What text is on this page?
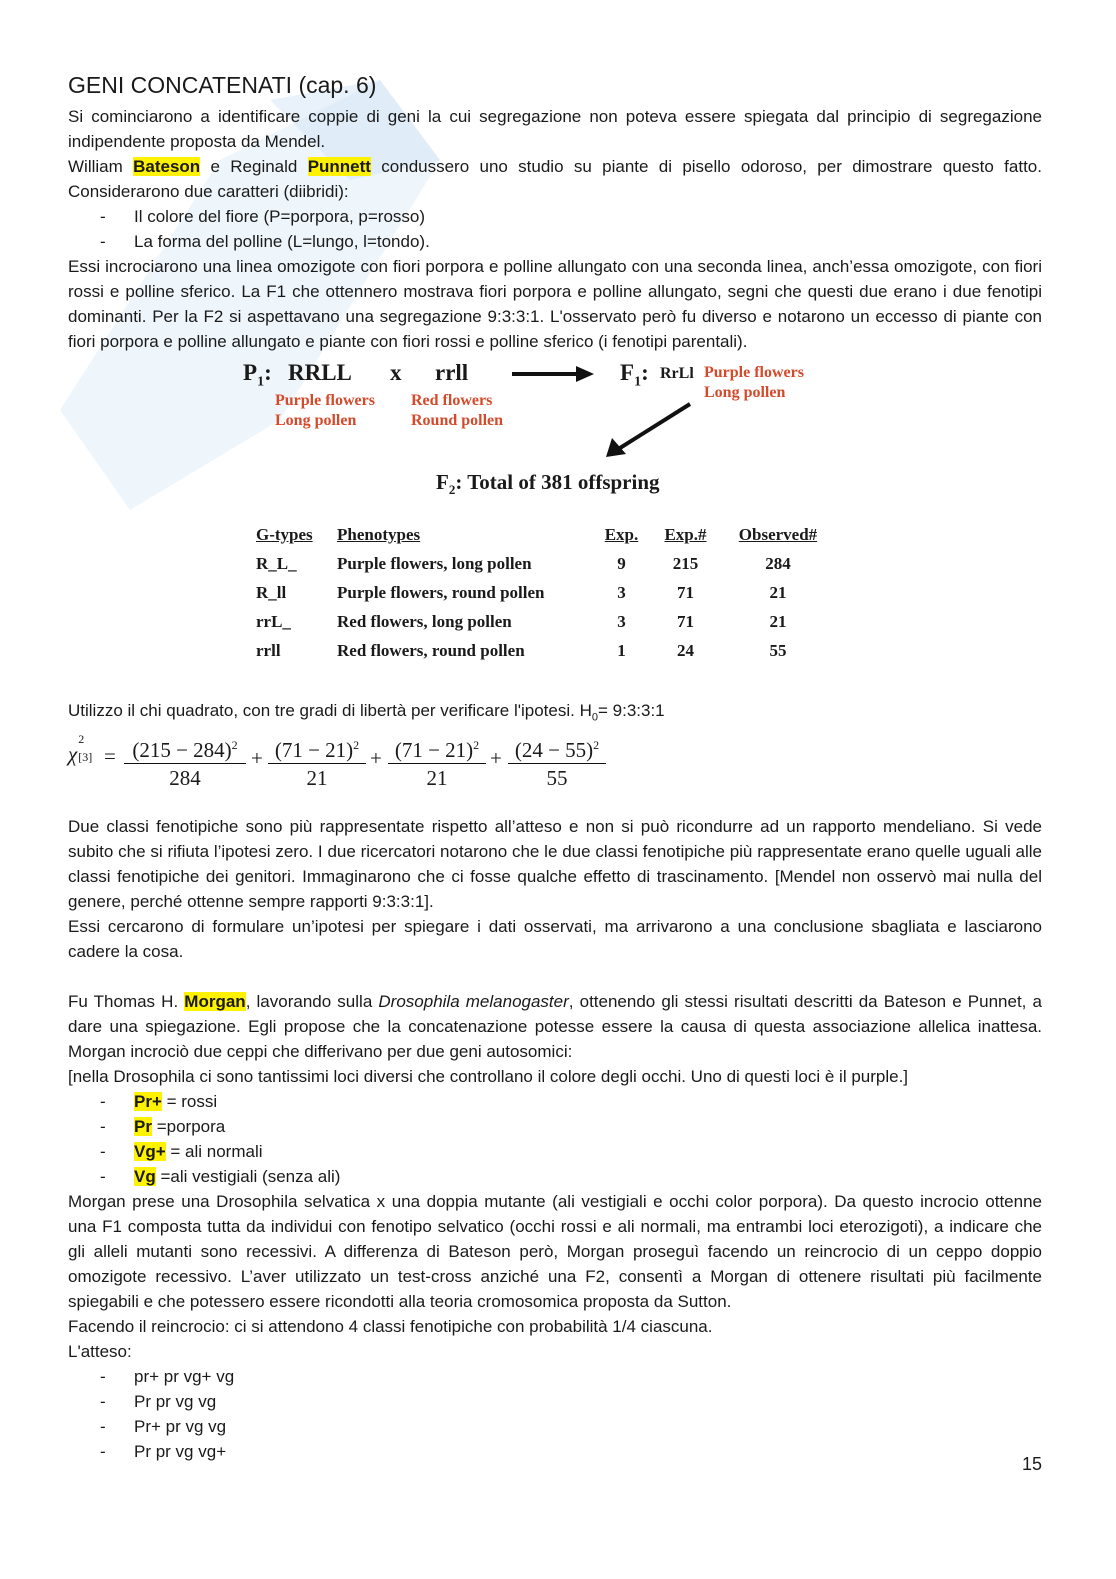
GENI CONCATENATI (cap. 6)

Si cominciarono a identificare coppie di geni la cui segregazione non poteva essere spiegata dal principio di segregazione indipendente proposta da Mendel.

William Bateson e Reginald Punnett condussero uno studio su piante di pisello odoroso, per dimostrare questo fatto. Considerarono due caratteri (diibridi):

- Il colore del fiore (P=porpora, p=rosso)
- La forma del polline (L=lungo, l=tondo).

Essi incrociarono una linea omozigote con fiori porpora e polline allungato con una seconda linea, anch’essa omozigote, con fiori rossi e polline sferico. La F1 che ottennero mostrava fiori porpora e polline allungato, segni che questi due erano i due fenotipi dominanti. Per la F2 si aspettavano una segregazione 9:3:3:1. L'osservato però fu diverso e notarono un eccesso di piante con fiori porpora e polline allungato e piante con fiori rossi e polline sferico (i fenotipi parentali).

$P_1$: RRLL x rrll
Purple flowers
Long pollen
Red flowers
Round pollen
$F_1$: RrLl Purple flowers
Long pollen
$F_2$: Total of 381 offspring
G-types	Phenotypes	Exp.	Exp.#	Observed#
R_L_	Purple flowers, long pollen	9	215	284
R_ll	Purple flowers, round pollen	3	71	21
rrL_	Red flowers, long pollen	3	71	21
rrll	Red flowers, round pollen	1	24	55

Utilizzo il chi quadrato, con tre gradi di libertà per verificare l'ipotesi. $H_0=$ 9:3:3:1

χ
2
$[3] = \frac{(215 - 284)^2}{284} + \frac{(71 - 21)^2}{21} + \frac{(71 - 21)^2}{21} + \frac{(24 - 55)^2}{55}$

Due classi fenotipiche sono più rappresentate rispetto all’atteso e non si può ricondurre ad un rapporto mendeliano. Si vede subito che si rifiuta l’ipotesi zero. I due ricercatori notarono che le due classi fenotipiche più rappresentate erano quelle uguali alle classi fenotipiche dei genitori. Immaginarono che ci fosse qualche effetto di trascinamento. [Mendel non osservò mai nulla del genere, perché ottenne sempre rapporti 9:3:3:1].

Essi cercarono di formulare un’ipotesi per spiegare i dati osservati, ma arrivarono a una conclusione sbagliata e lasciarono cadere la cosa.

Fu Thomas H. Morgan, lavorando sulla Drosophila melanogaster, ottenendo gli stessi risultati descritti da Bateson e Punnet, a dare una spiegazione. Egli propose che la concatenazione potesse essere la causa di questa associazione allelica inattesa. Morgan incrociò due ceppi che differivano per due geni autosomici:

[nella Drosophila ci sono tantissimi loci diversi che controllano il colore degli occhi. Uno di questi loci è il purple.]

- Pr+ = rossi
- Pr =porpora
- Vg+ = ali normali
- Vg =ali vestigiali (senza ali)

Morgan prese una Drosophila selvatica x una doppia mutante (ali vestigiali e occhi color porpora). Da questo incrocio ottenne una F1 composta tutta da individui con fenotipo selvatico (occhi rossi e ali normali, ma entrambi loci eterozigoti), a indicare che gli alleli mutanti sono recessivi. A differenza di Bateson però, Morgan proseguì facendo un reincrocio di un ceppo doppio omozigote recessivo. L’aver utilizzato un test-cross anziché una F2, consentì a Morgan di ottenere risultati più facilmente spiegabili e che potessero essere ricondotti alla teoria cromosomica proposta da Sutton.

Facendo il reincrocio: ci si attendono 4 classi fenotipiche con probabilità 1/4 ciascuna.

L'atteso:

- pr+ pr vg+ vg
- Pr pr vg vg
- Pr+ pr vg vg
- Pr pr vg vg+
15
